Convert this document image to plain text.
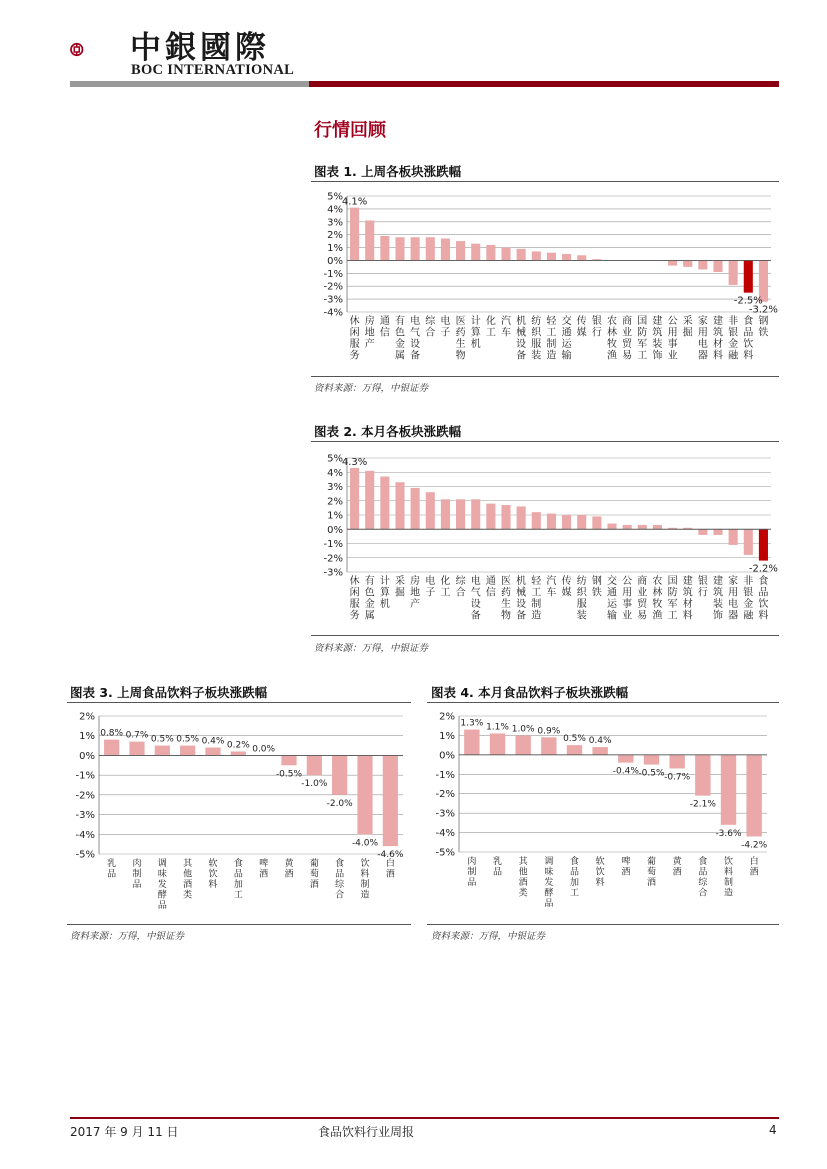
中銀國際
BOC INTERNATIONAL
行情回顾
图表 1. 上周各板块涨跌幅
-4%
-3%
-2%
-1%
0%
1%
2%
3%
4%
5%
休闲服务
房地产
通信
有色金属
电气设备
综合
电子
医药生物
计算机
化工
汽车
机械设备
纺织服装
轻工制造
交通运输
传媒
银行
农林牧渔
商业贸易
国防军工
建筑装饰
公用事业
采掘
家用电器
建筑材料
非银金融
食品饮料
钢铁
4.1%
-2.5%
-3.2%
资料来源：万得，中银证券
图表 2. 本月各板块涨跌幅
-3%
-2%
-1%
0%
1%
2%
3%
4%
5%
休闲服务
有色金属
计算机
采掘
房地产
电子
化工
综合
电气设备
通信
医药生物
机械设备
轻工制造
汽车
传媒
纺织服装
钢铁
交通运输
公用事业
商业贸易
农林牧渔
国防军工
建筑材料
银行
建筑装饰
家用电器
非银金融
食品饮料
4.3%
-2.2%
资料来源：万得，中银证券
图表 3. 上周食品饮料子板块涨跌幅
-5%
-4%
-3%
-2%
-1%
0%
1%
2%
乳品
肉制品
调味发酵品
其他酒类
软饮料
食品加工
啤酒
黄酒
葡萄酒
食品综合
饮料制造
白酒
0.8% 0.7% 0.5% 0.5% 0.4% 0.2% 0.0%
-0.5%
-1.0%
-2.0%
-4.0%
-4.6%
资料来源：万得，中银证券
图表 4. 本月食品饮料子板块涨跌幅
-5%
-4%
-3%
-2%
-1%
0%
1%
2%
肉制品
乳品
其他酒类
调味发酵品
食品加工
软饮料
啤酒
葡萄酒
黄酒
食品综合
饮料制造
白酒
1.3% 1.1% 1.0% 0.9%
0.5% 0.4%
-0.4% -0.5% -0.7%
-2.1%
-3.6%
-4.2%
资料来源：万得，中银证券
2017 年 9 月 11 日	食品饮料行业周报	4
